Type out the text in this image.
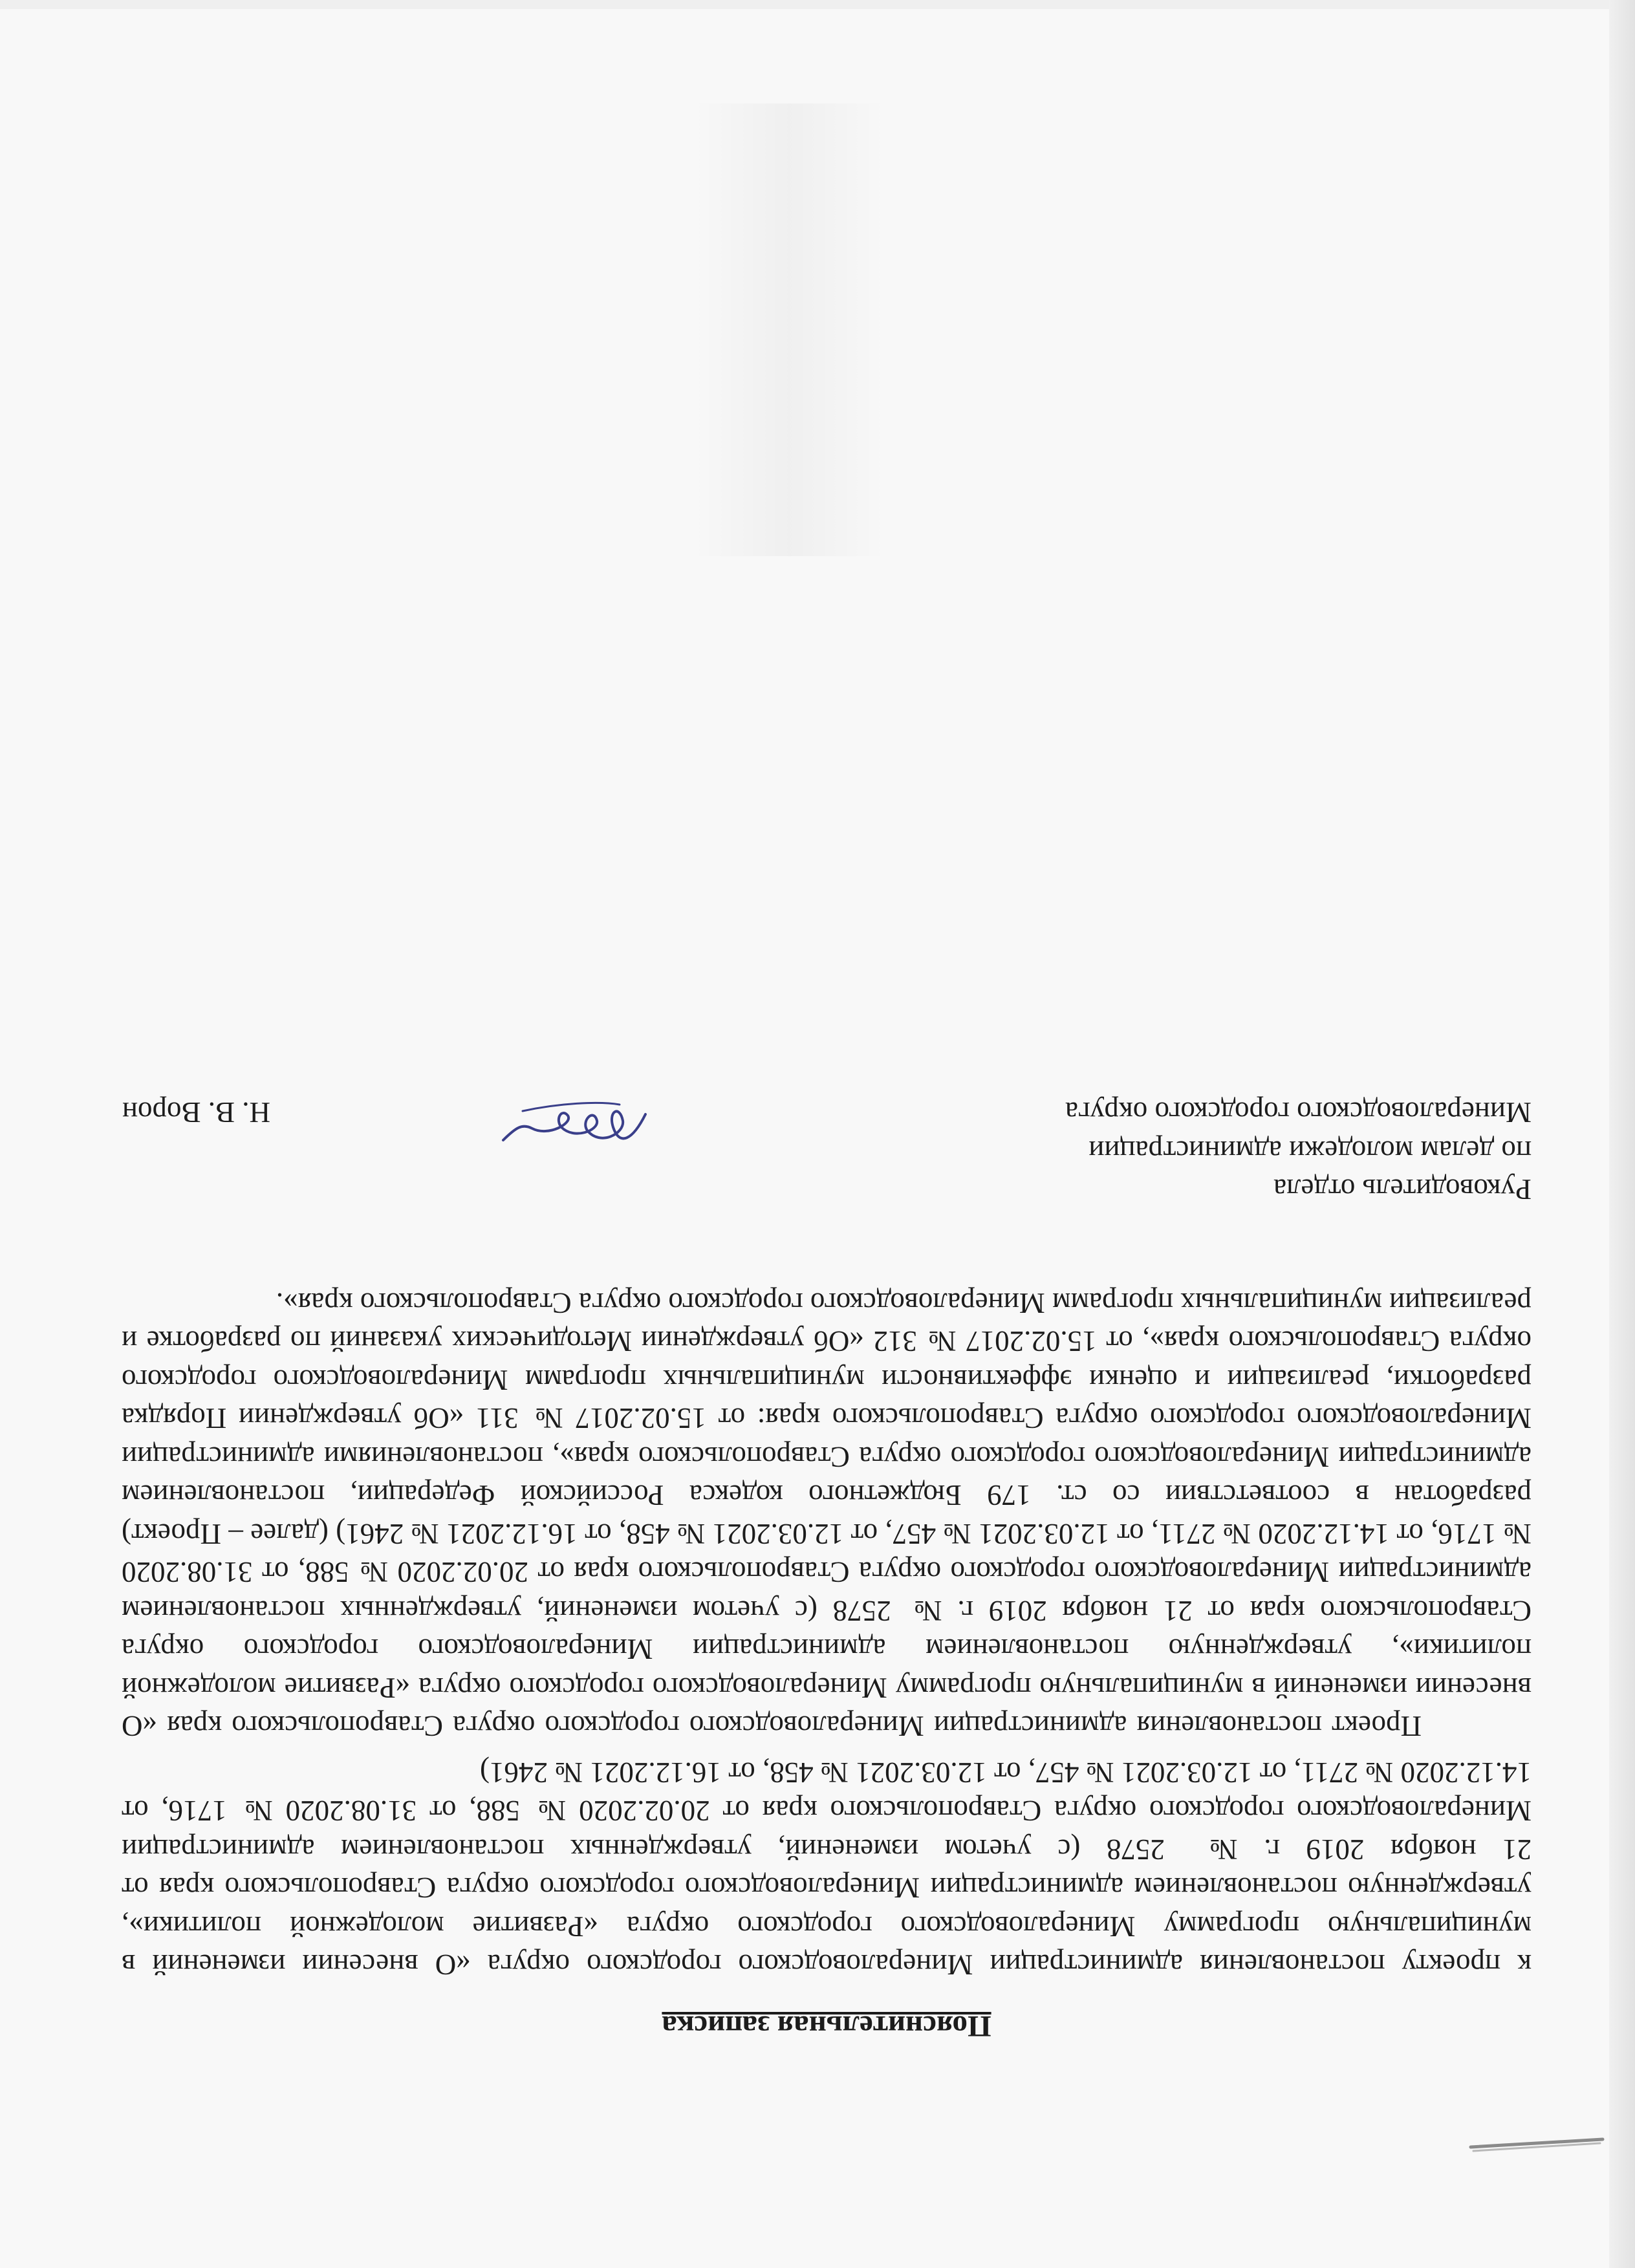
Пояснительная записка

к проекту постановления администрации Минераловодского городского округа «О внесении изменений в муниципальную программу Минераловодского городского округа «Развитие молодежной политики», утвержденную постановлением администрации Минераловодского городского округа Ставропольского края от 21 ноября 2019 г. № 2578 (с учетом изменений, утвержденных постановлением администрации Минераловодского городского округа Ставропольского края от 20.02.2020 № 588, от 31.08.2020 № 1716, от 14.12.2020 № 2711, от 12.03.2021 № 457, от 12.03.2021 № 458, от 16.12.2021 № 2461)

Проект постановления администрации Минераловодского городского округа Ставропольского края «О внесении изменений в муниципальную программу Минераловодского городского округа «Развитие молодежной политики», утвержденную постановлением администрации Минераловодского городского округа Ставропольского края от 21 ноября 2019 г. № 2578 (с учетом изменений, утвержденных постановлением администрации Минераловодского городского округа Ставропольского края от 20.02.2020 № 588, от 31.08.2020 № 1716, от 14.12.2020 № 2711, от 12.03.2021 № 457, от 12.03.2021 № 458, от 16.12.2021 № 2461) (далее – Проект) разработан в соответствии со ст. 179 Бюджетного кодекса Российской Федерации, постановлением администрации Минераловодского городского округа Ставропольского края», постановлениями администрации Минераловодского городского округа Ставропольского края: от 15.02.2017 № 311 «Об утверждении Порядка разработки, реализации и оценки эффективности муниципальных программ Минераловодского городского округа Ставропольского края», от 15.02.2017 № 312 «Об утверждении Методических указаний по разработке и реализации муниципальных программ Минераловодского городского округа Ставропольского края».

Руководитель отдела
по делам молодежи администрации
Минераловодского городского округа
Н. В. Ворон
